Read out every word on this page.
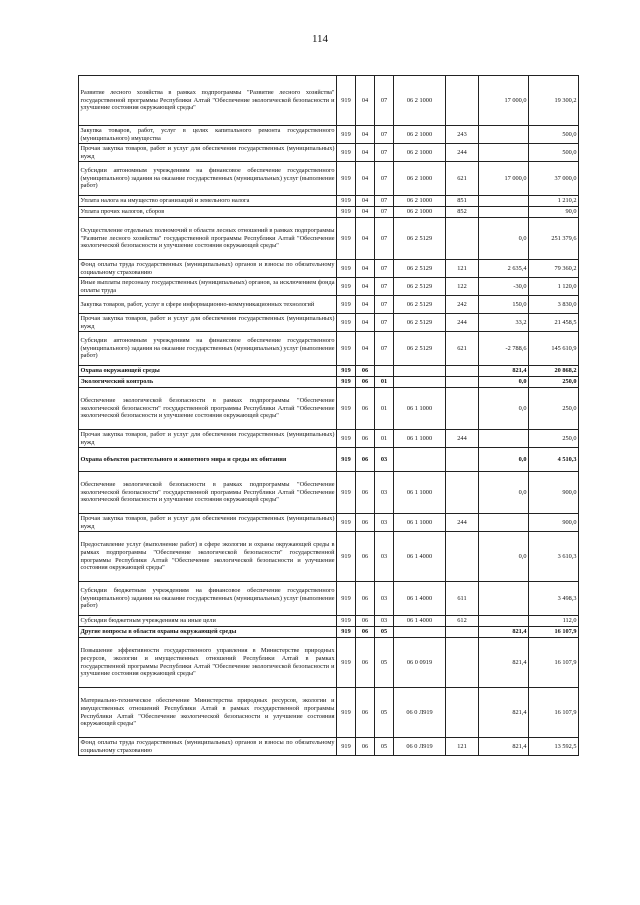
114
Развитие лесного хозяйства в рамках подпрограммы "Развитие лесного хозяйства" государственной программы Республики Алтай "Обеспечение экологической безопасности и улучшение состояния окружающей среды"	919	04	07	06 2 1000		17 000,0	19 300,2
Закупка товаров, работ, услуг в целях капитального ремонта государственного (муниципального) имущества	919	04	07	06 2 1000	243		500,0
Прочая закупка товаров, работ и услуг для обеспечения государственных (муниципальных) нужд	919	04	07	06 2 1000	244		500,0
Субсидии автономным учреждениям на финансовое обеспечение государственного (муниципального) задания на оказание государственных (муниципальных) услуг (выполнение работ)	919	04	07	06 2 1000	621	17 000,0	37 000,0
Уплата налога на имущество организаций и земельного налога	919	04	07	06 2 1000	851		1 210,2
Уплата прочих налогов, сборов	919	04	07	06 2 1000	852		90,0
Осуществление отдельных полномочий в области лесных отношений в рамках подпрограммы "Развитие лесного хозяйства" государственной программы Республики Алтай "Обеспечение экологической безопасности и улучшение состояния окружающей среды"	919	04	07	06 2 5129		0,0	251 379,6
Фонд оплаты труда государственных (муниципальных) органов и взносы по обязательному социальному страхованию	919	04	07	06 2 5129	121	2 635,4	79 360,2
Иные выплаты персоналу государственных (муниципальных) органов, за исключением фонда оплаты труда	919	04	07	06 2 5129	122	-30,0	1 120,0
Закупка товаров, работ, услуг в сфере информационно-коммуникационных технологий	919	04	07	06 2 5129	242	150,0	3 830,0
Прочая закупка товаров, работ и услуг для обеспечения государственных (муниципальных) нужд	919	04	07	06 2 5129	244	33,2	21 458,5
Субсидии автономным учреждениям на финансовое обеспечение государственного (муниципального) задания на оказание государственных (муниципальных) услуг (выполнение работ)	919	04	07	06 2 5129	621	-2 788,6	145 610,9
Охрана окружающей среды	919	06				821,4	20 868,2
Экологический контроль	919	06	01			0,0	250,0
Обеспечение экологической безопасности в рамках подпрограммы "Обеспечение экологической безопасности" государственной программы Республики Алтай "Обеспечение экологической безопасности и улучшение состояния окружающей среды"	919	06	01	06 1 1000		0,0	250,0
Прочая закупка товаров, работ и услуг для обеспечения государственных (муниципальных) нужд	919	06	01	06 1 1000	244		250,0
Охрана объектов растительного и животного мира и среды их обитания	919	06	03			0,0	4 510,3
Обеспечение экологической безопасности в рамках подпрограммы "Обеспечение экологической безопасности" государственной программы Республики Алтай "Обеспечение экологической безопасности и улучшение состояния окружающей среды"	919	06	03	06 1 1000		0,0	900,0
Прочая закупка товаров, работ и услуг для обеспечения государственных (муниципальных) нужд	919	06	03	06 1 1000	244		900,0
Предоставление услуг (выполнение работ) в сфере экологии и охраны окружающей среды в рамках подпрограммы "Обеспечение экологической безопасности" государственной программы Республики Алтай "Обеспечение экологической безопасности и улучшение состояния окружающей среды"	919	06	03	06 1 4000		0,0	3 610,3
Субсидии бюджетным учреждениям на финансовое обеспечение государственного (муниципального) задания на оказание государственных (муниципальных) услуг (выполнение работ)	919	06	03	06 1 4000	611		3 498,3
Субсидии бюджетным учреждениям на иные цели	919	06	03	06 1 4000	612		112,0
Другие вопросы в области охраны окружающей среды	919	06	05			821,4	16 107,9
Повышение эффективности государственного управления в Министерстве природных ресурсов, экологии и имущественных отношений Республики Алтай в рамках государственной программы Республики Алтай "Обеспечение экологической безопасности и улучшение состояния окружающей среды"	919	06	05	06 0 0919		821,4	16 107,9
Материально-техническое обеспечение Министерства природных ресурсов, экологии и имущественных отношений Республики Алтай в рамках государственной программы Республики Алтай "Обеспечение экологической безопасности и улучшение состояния окружающей среды"	919	06	05	06 0 Л919		821,4	16 107,9
Фонд оплаты труда государственных (муниципальных) органов и взносы по обязательному социальному страхованию	919	06	05	06 0 Л919	121	821,4	13 592,5
